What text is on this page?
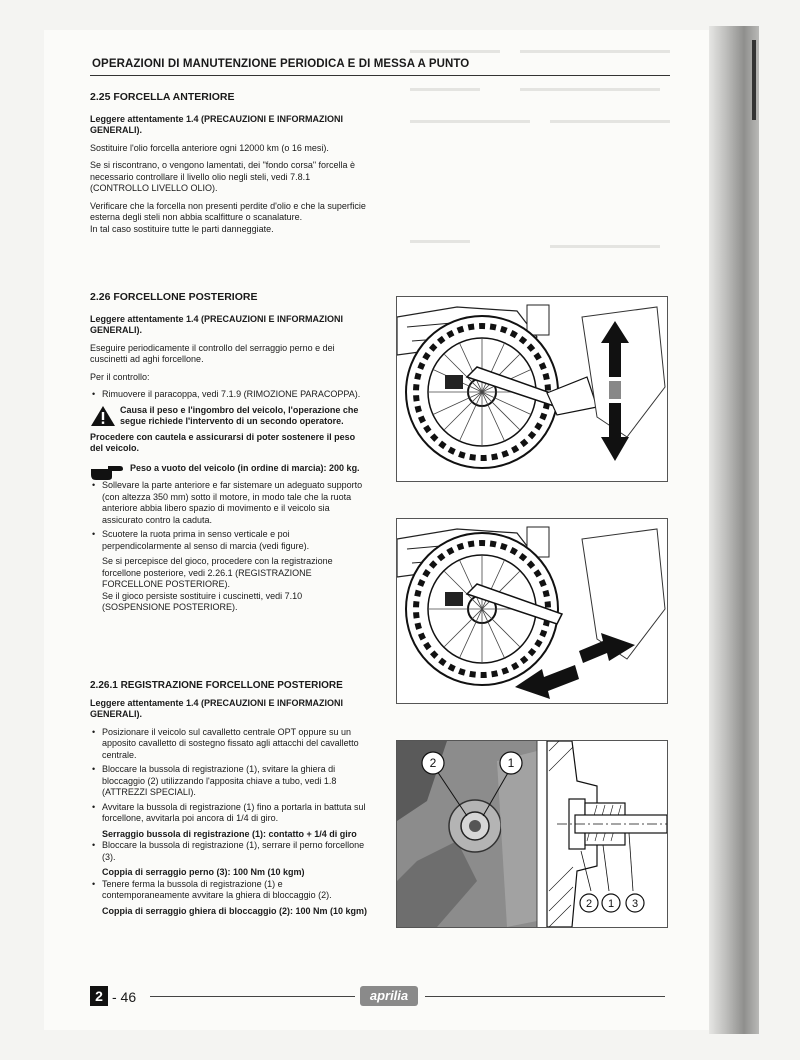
OPERAZIONI DI MANUTENZIONE PERIODICA E DI MESSA A PUNTO
2.25 FORCELLA ANTERIORE

Leggere attentamente 1.4 (PRECAUZIONI E INFORMAZIONI GENERALI).

Sostituire l'olio forcella anteriore ogni 12000 km (o 16 mesi).

Se si riscontrano, o vengono lamentati, dei "fondo corsa" forcella è necessario controllare il livello olio negli steli, vedi 7.8.1 (CONTROLLO LIVELLO OLIO).

Verificare che la forcella non presenti perdite d'olio e che la superficie esterna degli steli non abbia scalfitture o scanalature.

In tal caso sostituire tutte le parti danneggiate.

2.26 FORCELLONE POSTERIORE

Leggere attentamente 1.4 (PRECAUZIONI E INFORMAZIONI GENERALI).

Eseguire periodicamente il controllo del serraggio perno e dei cuscinetti ad aghi forcellone.

Per il controllo:

• Rimuovere il paracoppa, vedi 7.1.9 (RIMOZIONE PARACOPPA).
Causa il peso e l'ingombro del veicolo, l'operazione che segue richiede l'intervento di un secondo operatore.

Procedere con cautela e assicurarsi di poter sostenere il peso del veicolo.

Peso a vuoto del veicolo (in ordine di marcia): 200 kg.
• Sollevare la parte anteriore e far sistemare un adeguato supporto (con altezza 350 mm) sotto il motore, in modo tale che la ruota anteriore abbia libero spazio di movimento e il veicolo sia assicurato contro la caduta.
• Scuotere la ruota prima in senso verticale e poi perpendicolarmente al senso di marcia (vedi figure).
Se si percepisce del gioco, procedere con la registrazione forcellone posteriore, vedi 2.26.1 (REGISTRAZIONE FORCELLONE POSTERIORE).
Se il gioco persiste sostituire i cuscinetti, vedi 7.10 (SOSPENSIONE POSTERIORE).
2.26.1 REGISTRAZIONE FORCELLONE POSTERIORE

Leggere attentamente 1.4 (PRECAUZIONI E INFORMAZIONI GENERALI).

• Posizionare il veicolo sul cavalletto centrale OPT oppure su un apposito cavalletto di sostegno fissato agli attacchi del cavalletto centrale.
• Bloccare la bussola di registrazione (1), svitare la ghiera di bloccaggio (2) utilizzando l'apposita chiave a tubo, vedi 1.8 (ATTREZZI SPECIALI).
• Avvitare la bussola di registrazione (1) fino a portarla in battuta sul forcellone, avvitarla poi ancora di 1/4 di giro.
Serraggio bussola di registrazione (1): contatto + 1/4 di giro
• Bloccare la bussola di registrazione (1), serrare il perno forcellone (3).
Coppia di serraggio perno (3): 100 Nm (10 kgm)
• Tenere ferma la bussola di registrazione (1) e contemporaneamente avvitare la ghiera di bloccaggio (2).
Coppia di serraggio ghiera di bloccaggio (2): 100 Nm (10 kgm)
2	1
2 1 3
2 - 46	aprilia
